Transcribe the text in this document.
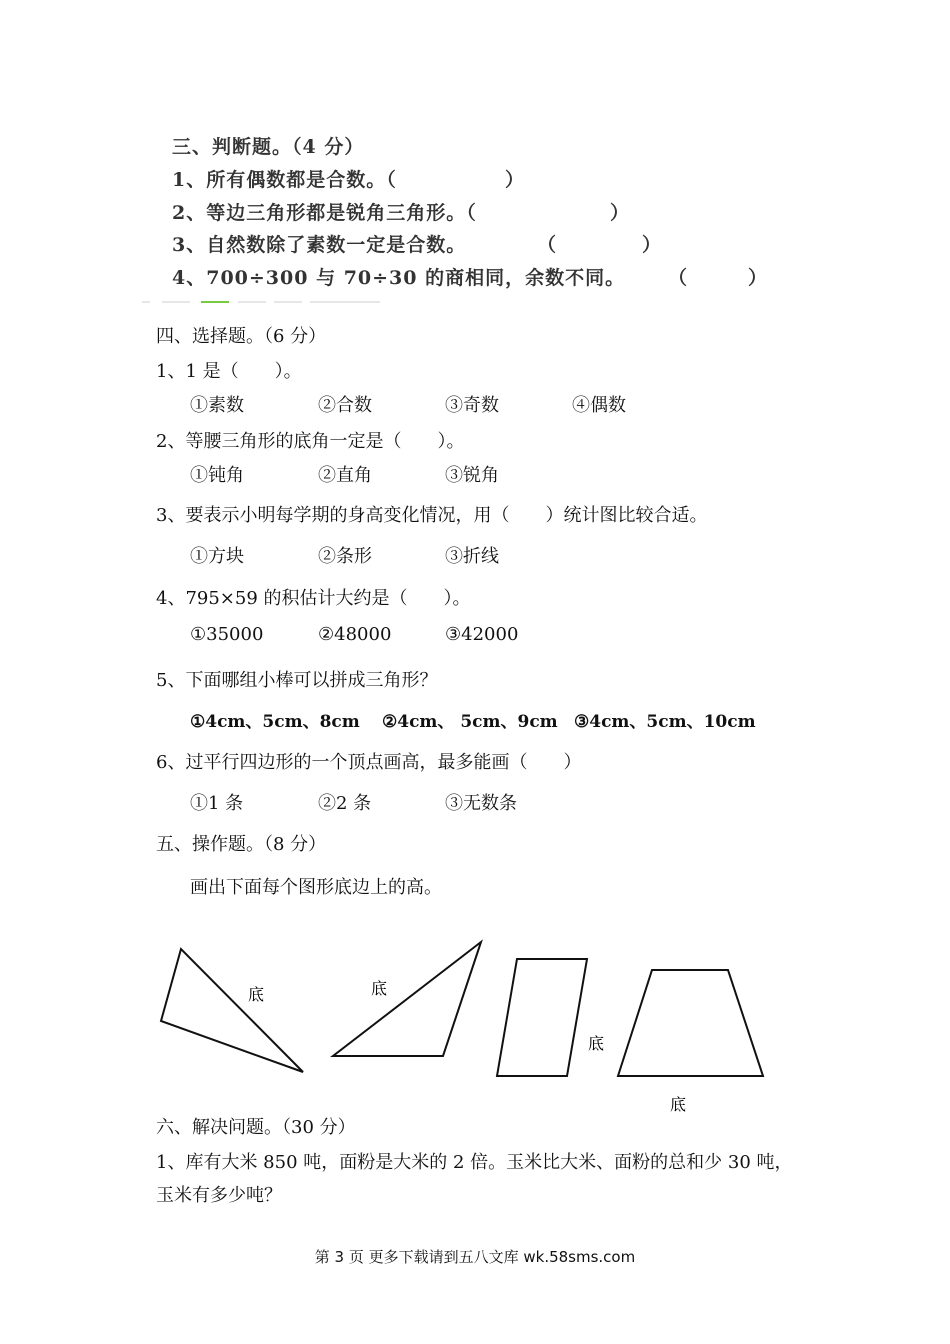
三、判断题。（4 分）
1、所有偶数都是合数。（	）
2、等边三角形都是锐角三角形。（	）
3、自然数除了素数一定是合数。	（	）
4、700÷300 与 70÷30 的商相同，余数不同。 （	）
四、选择题。（6 分）
1、1 是（　　）。
①素数	②合数	③奇数	④偶数
2、等腰三角形的底角一定是（　　）。
①钝角	②直角	③锐角
3、要表示小明每学期的身高变化情况，用（　　）统计图比较合适。
①方块	②条形	③折线
4、795×59 的积估计大约是（　　）。
①35000	②48000	③42000
5、下面哪组小棒可以拼成三角形？
①4cm、5cm、8cm ②4cm、 5cm、9cm ③4cm、5cm、10cm
6、过平行四边形的一个顶点画高，最多能画（　　）
①1 条	②2 条	③无数条
五、操作题。（8 分）
画出下面每个图形底边上的高。
底	底
底
底
六、解决问题。（30 分）
1、库有大米 850 吨，面粉是大米的 2 倍。玉米比大米、面粉的总和少 30 吨，
玉米有多少吨？
第 3 页 更多下载请到五八文库 wk.58sms.com
